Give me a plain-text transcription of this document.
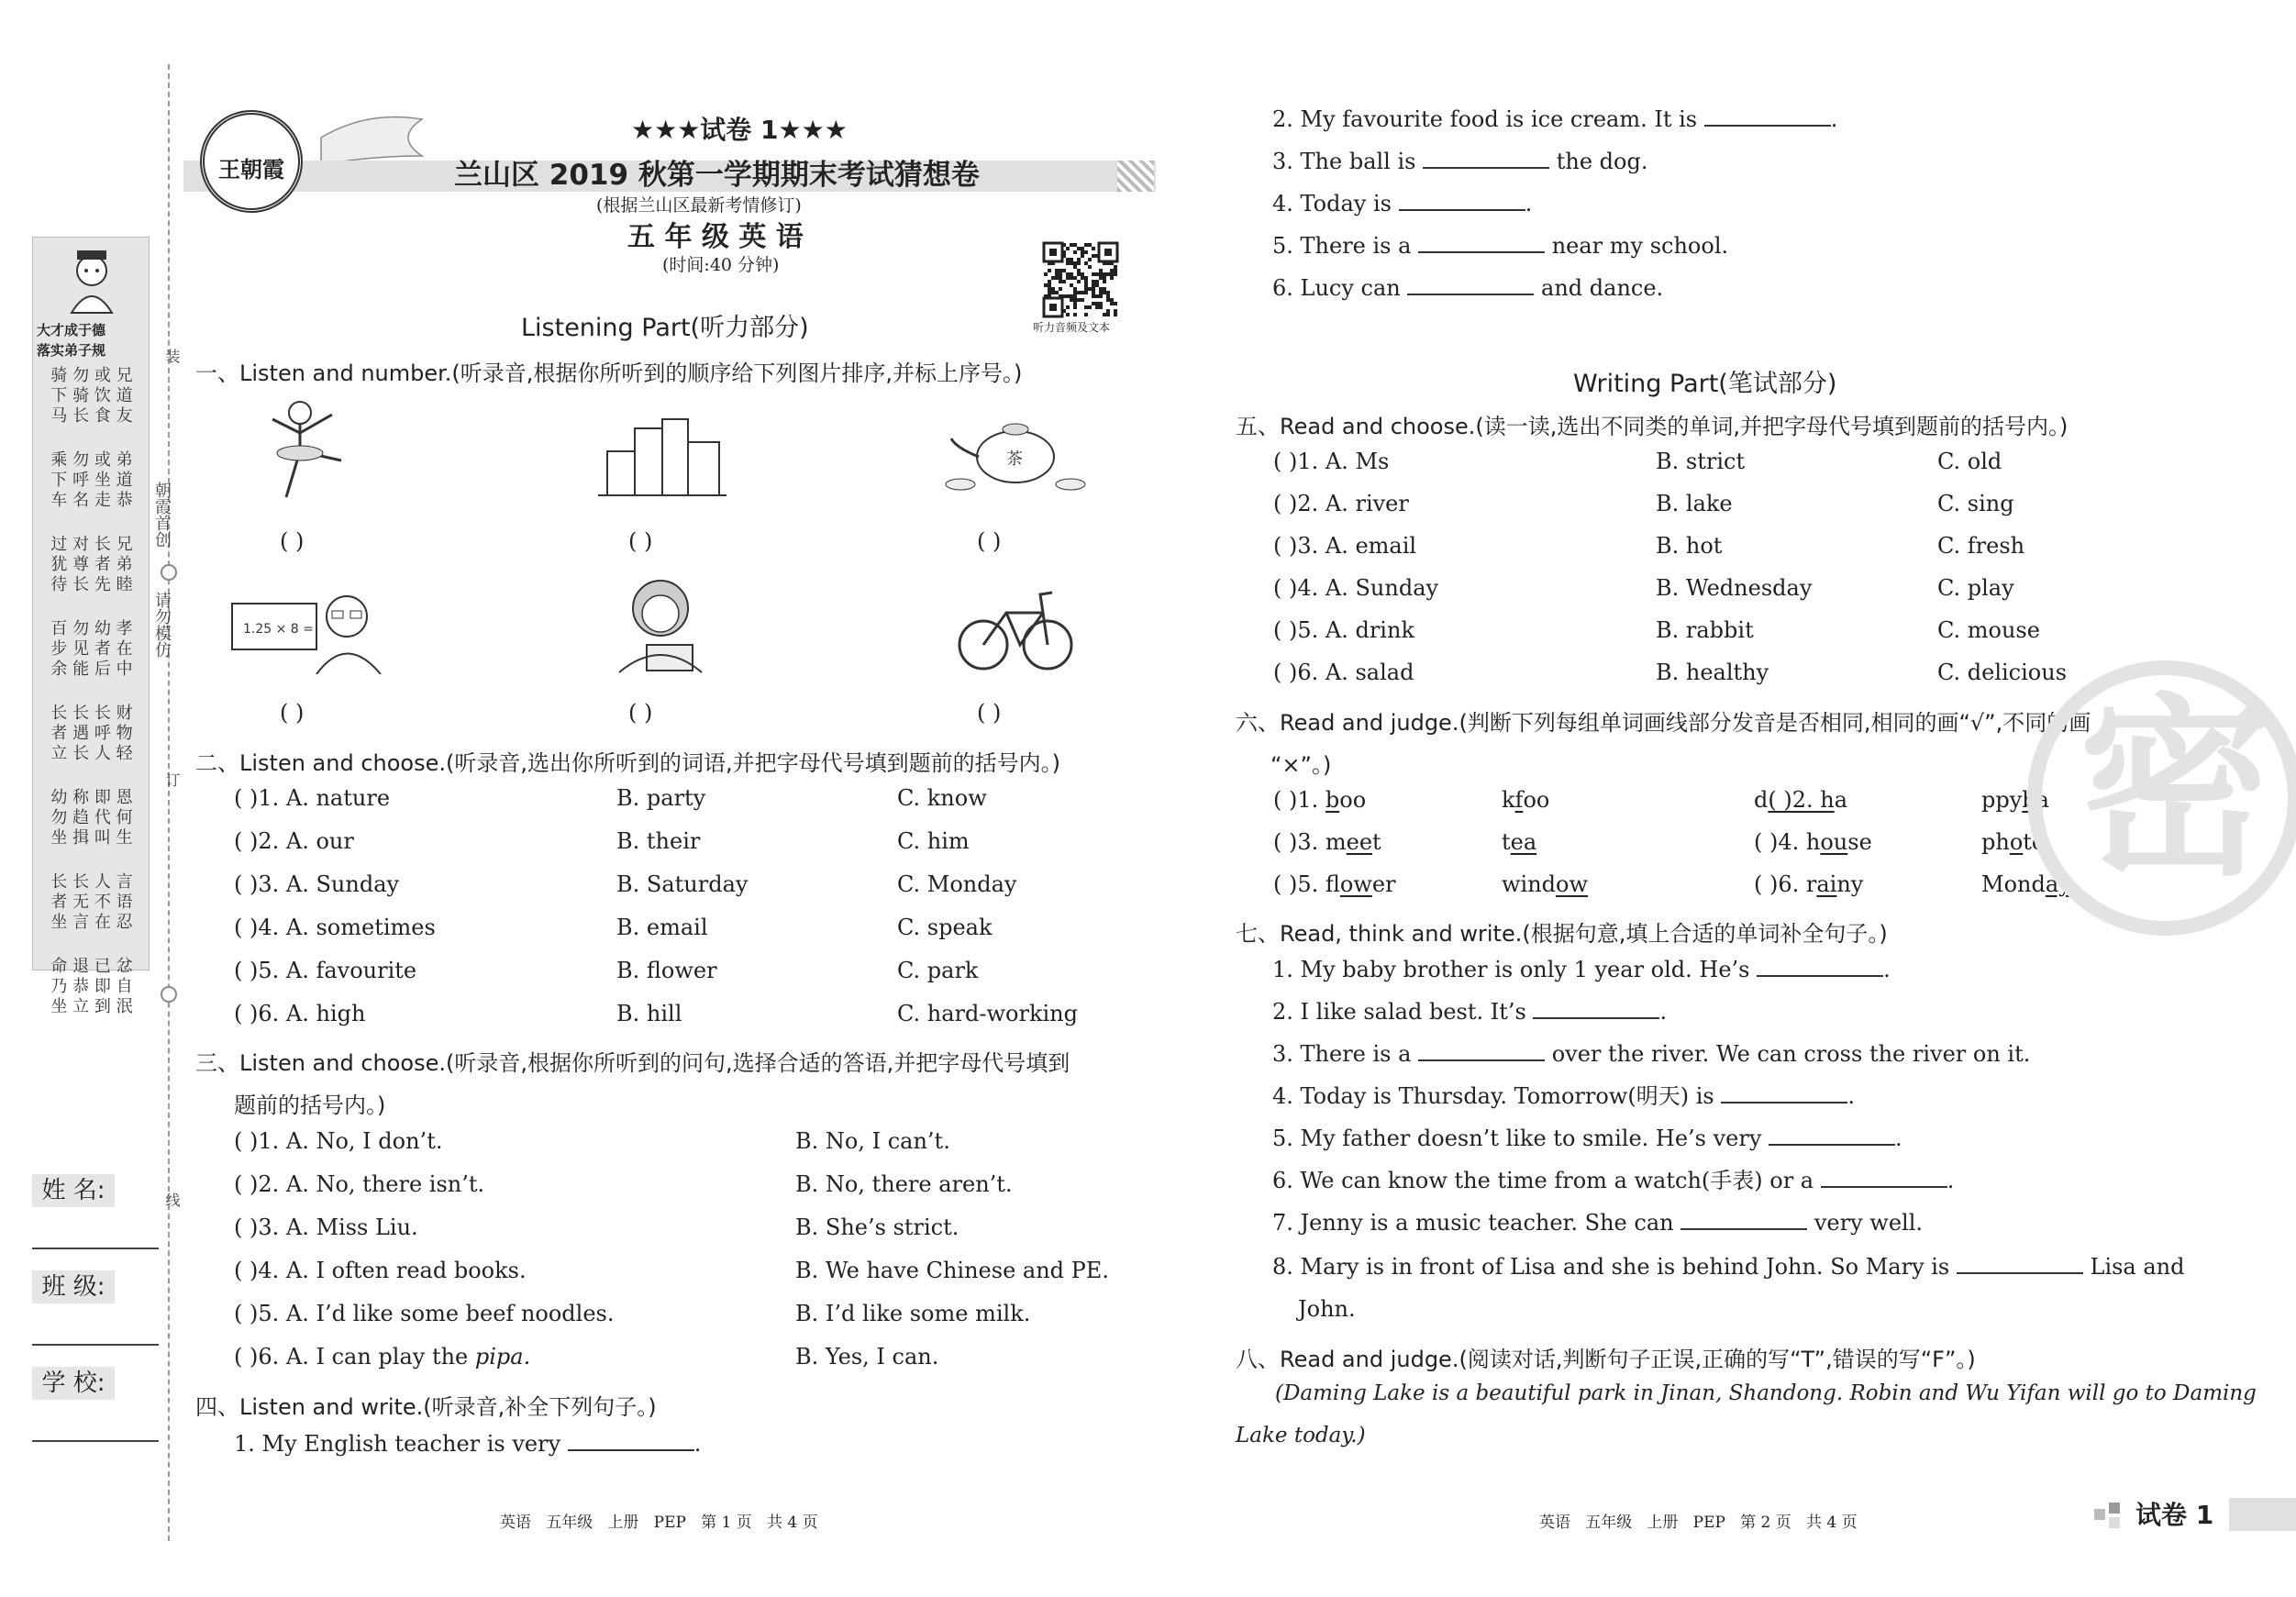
大才成于德
落实弟子规
骑 勿 或 兄
下 骑 饮 道
马 长 食 友
乘 勿 或 弟
下 呼 坐 道
车 名 走 恭
过 对 长 兄
犹 尊 者 弟
待 长 先 睦
百 勿 幼 孝
步 见 者 在
余 能 后 中
长 长 长 财
者 遇 呼 物
立 长 人 轻
幼 称 即 恩
勿 趋 代 何
坐 揖 叫 生
长 长 人 言
者 无 不 语
坐 言 在 忍
命 退 已 忿
乃 恭 即 自
坐 立 到 泯
装
订
线
朝霞首创
请勿模仿
姓 名:
班 级:
学 校:
王朝霞
★★★试卷 1★★★
兰山区 2019 秋第一学期期末考试猜想卷
(根据兰山区最新考情修订)
五 年 级 英 语
(时间:40 分钟)
听力音频及文本
Listening Part(听力部分)
一、Listen and number.(听录音,根据你所听到的顺序给下列图片排序,并标上序号。)
茶
( )	( )	( )
1.25 × 8 =
( )	( )	( )
二、Listen and choose.(听录音,选出你所听到的词语,并把字母代号填到题前的括号内。)
( )1. A. nature	B. party	C. know
( )2. A. our	B. their	C. him
( )3. A. Sunday	B. Saturday	C. Monday
( )4. A. sometimes	B. email	C. speak
( )5. A. favourite	B. flower	C. park
( )6. A. high	B. hill	C. hard-working
三、Listen and choose.(听录音,根据你所听到的问句,选择合适的答语,并把字母代号填到
题前的括号内。)
( )1. A. No, I don’t.	B. No, I can’t.
( )2. A. No, there isn’t.	B. No, there aren’t.
( )3. A. Miss Liu.	B. She’s strict.
( )4. A. I often read books.	B. We have Chinese and PE.
( )5. A. I’d like some beef noodles.	B. I’d like some milk.
( )6. A. I can play the pipa.	B. Yes, I can.
四、Listen and write.(听录音,补全下列句子。)
1. My English teacher is very	.
2. My favourite food is ice cream. It is	.
3. The ball is	the dog.
4. Today is	.
5. There is a	near my school.
6. Lucy can	and dance.
Writing Part(笔试部分)
五、Read and choose.(读一读,选出不同类的单词,并把字母代号填到题前的括号内。)
( )1. A. Ms	B. strict	C. old
( )2. A. river	B. lake	C. sing
( )3. A. email	B. hot	C. fresh
( )4. A. Sunday	B. Wednesday	C. play
( )5. A. drink	B. rabbit	C. mouse
( )6. A. salad	B. healthy	C. delicious
六、Read and judge.(判断下列每组单词画线部分发音是否相同,相同的画“√”,不同的画
“×”。)
( )1. boo	kfoo	d( )2. ha	ppyba
( )3. meet	tea	( )4. house	photo
( )5. flower	window	( )6. rainy	Monday
七、Read, think and write.(根据句意,填上合适的单词补全句子。)
1. My baby brother is only 1 year old. He’s	.
2. I like salad best. It’s	.
3. There is a	over the river. We can cross the river on it.
4. Today is Thursday. Tomorrow(明天) is	.
5. My father doesn’t like to smile. He’s very	.
6. We can know the time from a watch(手表) or a	.
7. Jenny is a music teacher. She can	very well.
8. Mary is in front of Lisa and she is behind John. So Mary is	Lisa and
John.
八、Read and judge.(阅读对话,判断句子正误,正确的写“T”,错误的写“F”。)
(Daming Lake is a beautiful park in Jinan, Shandong. Robin and Wu Yifan will go to Daming
Lake today.)
密
英语   五年级   上册   PEP   第 1 页   共 4 页	英语   五年级   上册   PEP   第 2 页   共 4 页	试卷 1
